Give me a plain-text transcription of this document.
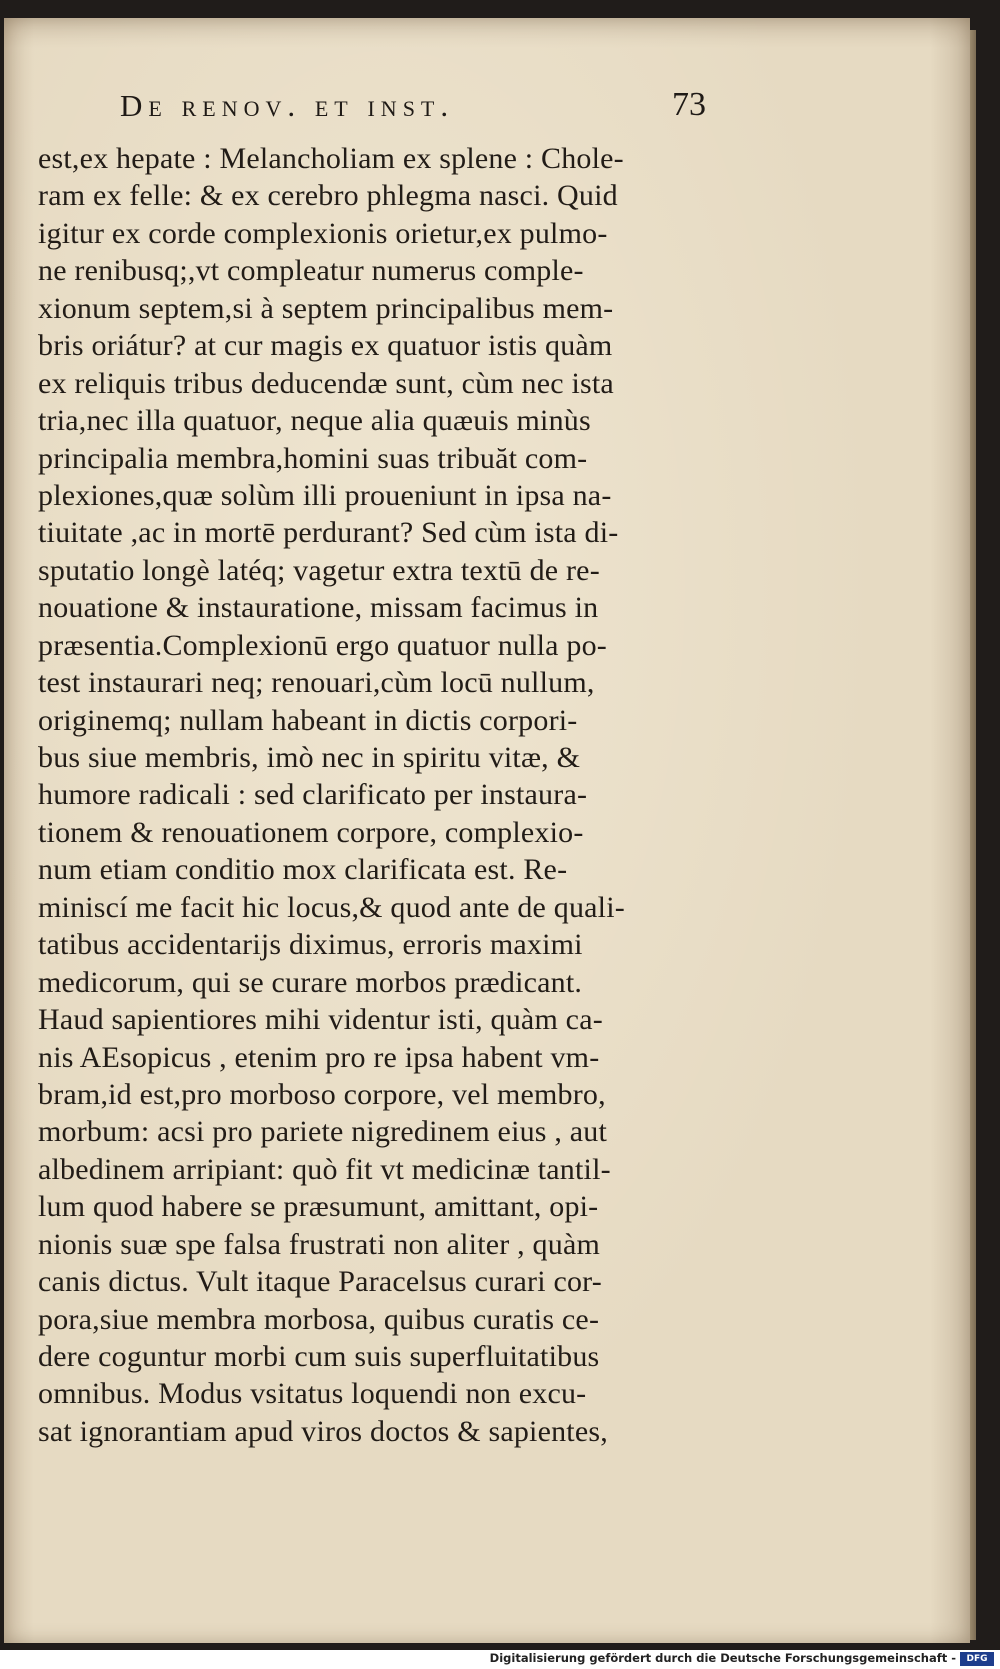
De renov. et inst.	73
est,ex hepate : Melancholiam ex splene : Chole-
ram ex felle: & ex cerebro phlegma nasci. Quid
igitur ex corde complexionis orietur,ex pulmo-
ne renibusq;,vt compleatur numerus comple-
xionum septem,si à septem principalibus mem-
bris oriátur? at cur magis ex quatuor istis quàm
ex reliquis tribus deducendæ sunt, cùm nec ista
tria,nec illa quatuor, neque alia quæuis minùs
principalia membra,homini suas tribuăt com-
plexiones,quæ solùm illi proueniunt in ipsa na-
tiuitate ,ac in mortē perdurant? Sed cùm ista di-
sputatio longè latéq; vagetur extra textū de re-
nouatione & instauratione, missam facimus in
præsentia.Complexionū ergo quatuor nulla po-
test instaurari neq; renouari,cùm locū nullum,
originemq; nullam habeant in dictis corpori-
bus siue membris, imò nec in spiritu vitæ, &
humore radicali : sed clarificato per instaura-
tionem & renouationem corpore, complexio-
num etiam conditio mox clarificata est. Re-
miniscí me facit hic locus,& quod ante de quali-
tatibus accidentarijs diximus, erroris maximi
medicorum, qui se curare morbos prædicant.
Haud sapientiores mihi videntur isti, quàm ca-
nis AEsopicus , etenim pro re ipsa habent vm-
bram,id est,pro morboso corpore, vel membro,
morbum: acsi pro pariete nigredinem eius , aut
albedinem arripiant: quò fit vt medicinæ tantil-
lum quod habere se præsumunt, amittant, opi-
nionis suæ spe falsa frustrati non aliter , quàm
canis dictus. Vult itaque Paracelsus curari cor-
pora,siue membra morbosa, quibus curatis ce-
dere coguntur morbi cum suis superfluitatibus
omnibus. Modus vsitatus loquendi non excu-
sat ignorantiam apud viros doctos & sapientes,
Digitalisierung gefördert durch die Deutsche Forschungsgemeinschaft -	DFG
